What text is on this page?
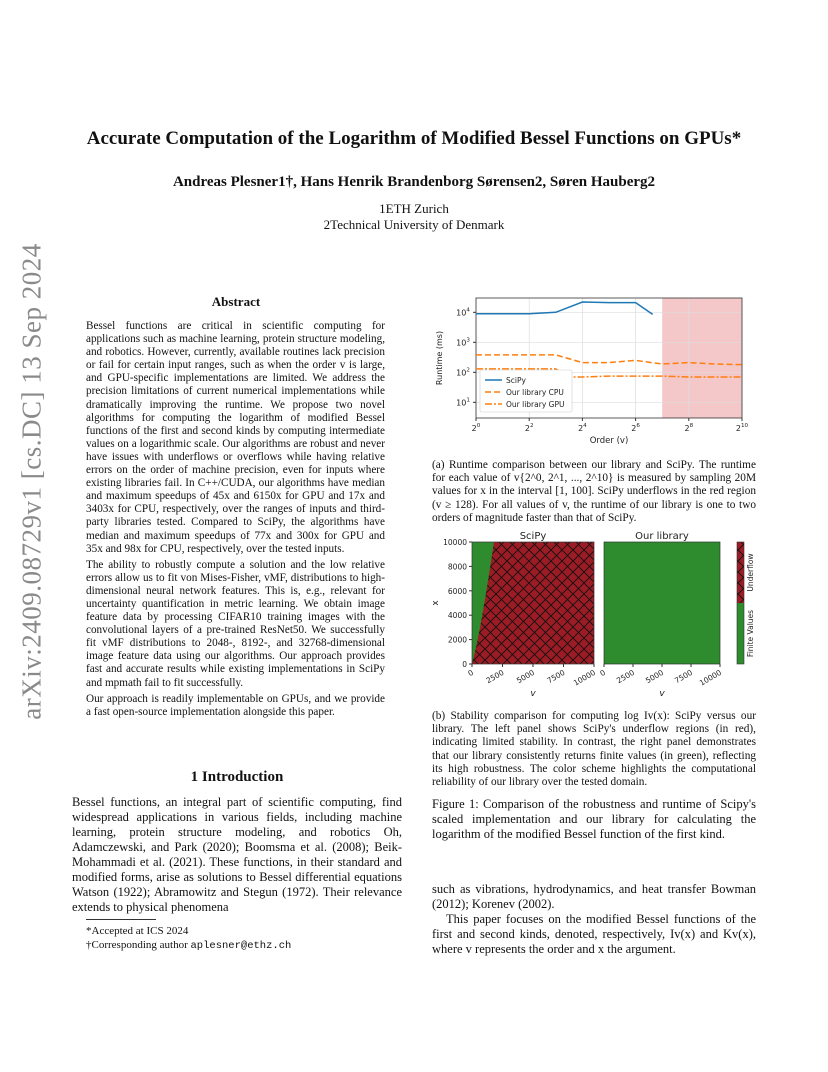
Accurate Computation of the Logarithm of Modified Bessel Functions on GPUs*
Andreas Plesner1†, Hans Henrik Brandenborg Sørensen2, Søren Hauberg2
1ETH Zurich
2Technical University of Denmark
arXiv:2409.08729v1 [cs.DC] 13 Sep 2024	Abstract

Bessel functions are critical in scientific computing for applications such as machine learning, protein structure modeling, and robotics. However, currently, available routines lack precision or fail for certain input ranges, such as when the order v is large, and GPU-specific implementations are limited. We address the precision limitations of current numerical implementations while dramatically improving the runtime. We propose two novel algorithms for computing the logarithm of modified Bessel functions of the first and second kinds by computing intermediate values on a logarithmic scale. Our algorithms are robust and never have issues with underflows or overflows while having relative errors on the order of machine precision, even for inputs where existing libraries fail. In C++/CUDA, our algorithms have median and maximum speedups of 45x and 6150x for GPU and 17x and 3403x for CPU, respectively, over the ranges of inputs and third-party libraries tested. Compared to SciPy, the algorithms have median and maximum speedups of 77x and 300x for GPU and 35x and 98x for CPU, respectively, over the tested inputs.

The ability to robustly compute a solution and the low relative errors allow us to fit von Mises-Fisher, vMF, distributions to high-dimensional neural network features. This is, e.g., relevant for uncertainty quantification in metric learning. We obtain image feature data by processing CIFAR10 training images with the convolutional layers of a pre-trained ResNet50. We successfully fit vMF distributions to 2048-, 8192-, and 32768-dimensional image feature data using our algorithms. Our approach provides fast and accurate results while existing implementations in SciPy and mpmath fail to fit successfully.

Our approach is readily implementable on GPUs, and we provide a fast open-source implementation alongside this paper.

1 Introduction
Bessel functions, an integral part of scientific computing, find widespread applications in various fields, including machine learning, protein structure modeling, and robotics Oh, Adamczewski, and Park (2020); Boomsma et al. (2008); Beik-Mohammadi et al. (2021). These functions, in their standard and modified forms, arise as solutions to Bessel differential equations Watson (1922); Abramowitz and Stegun (1972). Their relevance extends to physical phenomena
*Accepted at ICS 2024
†Corresponding author aplesner@ethz.ch
$10^1$
$10^2$
$10^3$
$10^4$
$2^0$	$2^2$	$2^4$	$2^6$	$2^8$	$2^{10}$
Order (v)
Runtime (ms)	SciPy
Our library CPU
Our library GPU
(a) Runtime comparison between our library and SciPy. The runtime for each value of v{2^0, 2^1, ..., 2^10} is measured by sampling 20M values for x in the interval [1, 100]. SciPy underflows in the red region (v ≥ 128). For all values of v, the runtime of our library is one to two orders of magnitude faster than that of SciPy.
SciPy	Our library
0
2000
4000
6000
8000
10000
x
0 2500 5000 7500 10000
v
0 2500 5000 7500 10000
v
Underflow
Finite Values
(b) Stability comparison for computing log Iv(x): SciPy versus our library. The left panel shows SciPy's underflow regions (in red), indicating limited stability. In contrast, the right panel demonstrates that our library consistently returns finite values (in green), reflecting its high robustness. The color scheme highlights the computational reliability of our library over the tested domain.
Figure 1: Comparison of the robustness and runtime of Scipy's scaled implementation and our library for calculating the logarithm of the modified Bessel function of the first kind.

such as vibrations, hydrodynamics, and heat transfer Bowman (2012); Korenev (2002).

This paper focuses on the modified Bessel functions of the first and second kinds, denoted, respectively, Iv(x) and Kv(x), where v represents the order and x the argument.
